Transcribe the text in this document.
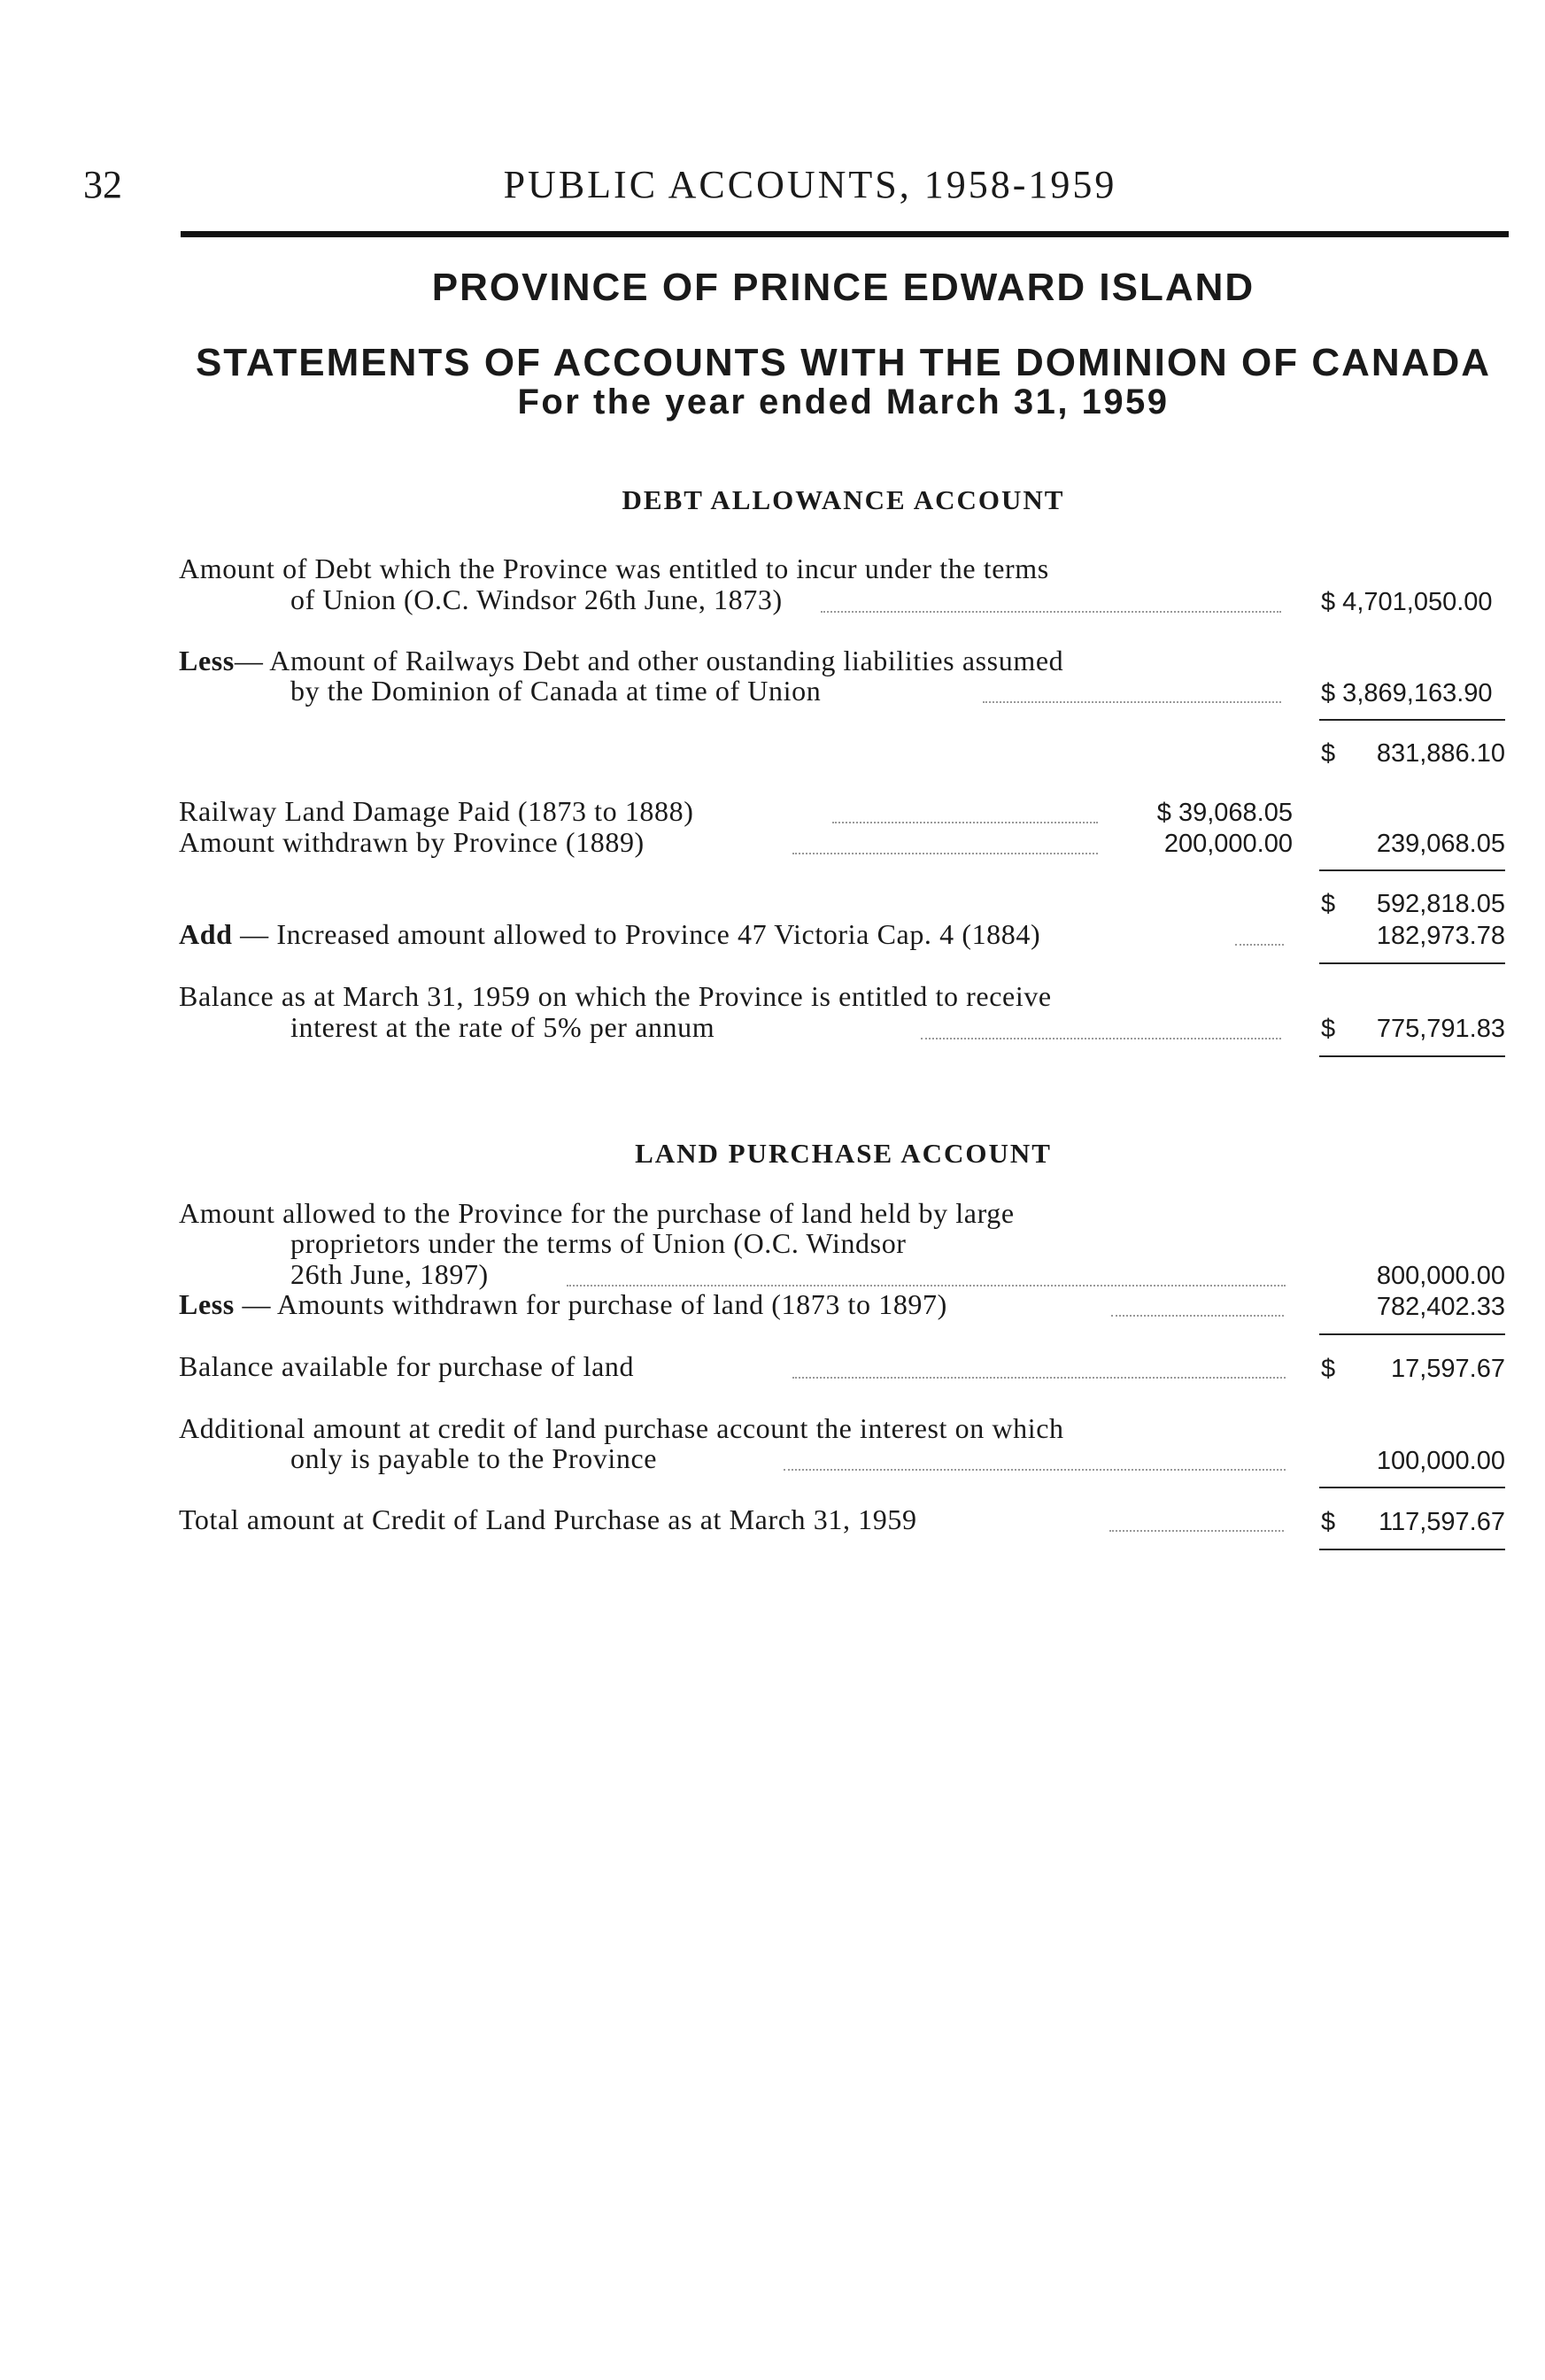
32	PUBLIC ACCOUNTS, 1958-1959
PROVINCE OF PRINCE EDWARD ISLAND
STATEMENTS OF ACCOUNTS WITH THE DOMINION OF CANADA
For the year ended March 31, 1959
DEBT ALLOWANCE ACCOUNT
Amount of Debt which the Province was entitled to incur under the terms
of Union (O.C. Windsor 26th June, 1873)	$ 4,701,050.00
Less— Amount of Railways Debt and other oustanding liabilities assumed
by the Dominion of Canada at time of Union	$ 3,869,163.90
$	831,886.10
Railway Land Damage Paid (1873 to 1888)	$ 39,068.05
Amount withdrawn by Province (1889)	200,000.00	239,068.05
$	592,818.05
Add — Increased amount allowed to Province 47 Victoria Cap. 4 (1884)	182,973.78
Balance as at March 31, 1959 on which the Province is entitled to receive
interest at the rate of 5% per annum	$	775,791.83
LAND PURCHASE ACCOUNT
Amount allowed to the Province for the purchase of land held by large
proprietors under the terms of Union (O.C. Windsor
26th June, 1897)	800,000.00
Less — Amounts withdrawn for purchase of land (1873 to 1897)	782,402.33
Balance available for purchase of land	$	17,597.67
Additional amount at credit of land purchase account the interest on which
only is payable to the Province	100,000.00
Total amount at Credit of Land Purchase as at March 31, 1959	$	117,597.67
